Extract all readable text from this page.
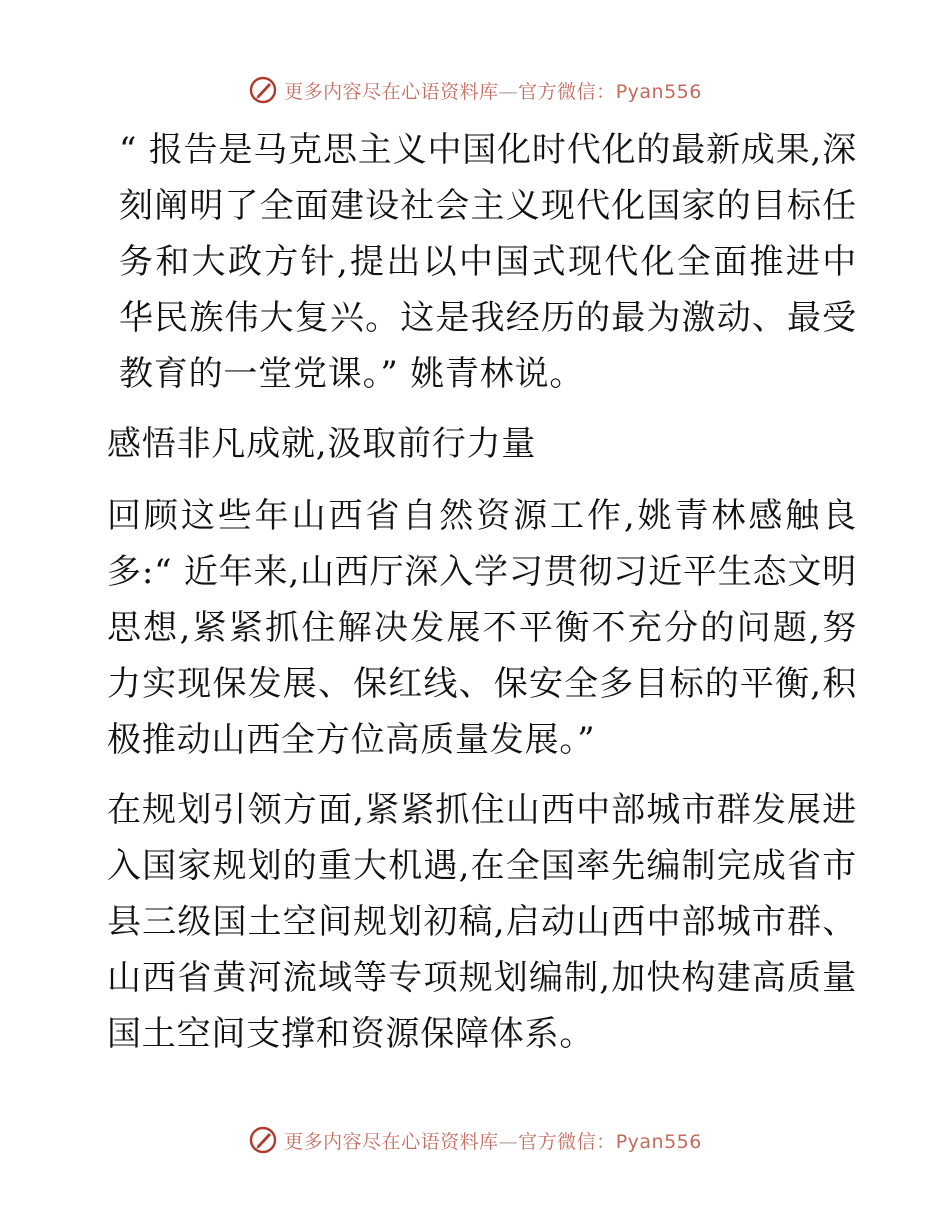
更多内容尽在心语资料库—官方微信：Pyan556

“ 报告是马克思主义中国化时代化的最新成果,深刻阐明了全面建设社会主义现代化国家的目标任务和大政方针,提出以中国式现代化全面推进中华民族伟大复兴。这是我经历的最为激动、最受教育的一堂党课。” 姚青林说。

感悟非凡成就,汲取前行力量

回顾这些年山西省自然资源工作,姚青林感触良多:“ 近年来,山西厅深入学习贯彻习近平生态文明思想,紧紧抓住解决发展不平衡不充分的问题,努力实现保发展、保红线、保安全多目标的平衡,积极推动山西全方位高质量发展。”

在规划引领方面,紧紧抓住山西中部城市群发展进入国家规划的重大机遇,在全国率先编制完成省市县三级国土空间规划初稿,启动山西中部城市群、山西省黄河流域等专项规划编制,加快构建高质量国土空间支撑和资源保障体系。

更多内容尽在心语资料库—官方微信：Pyan556
